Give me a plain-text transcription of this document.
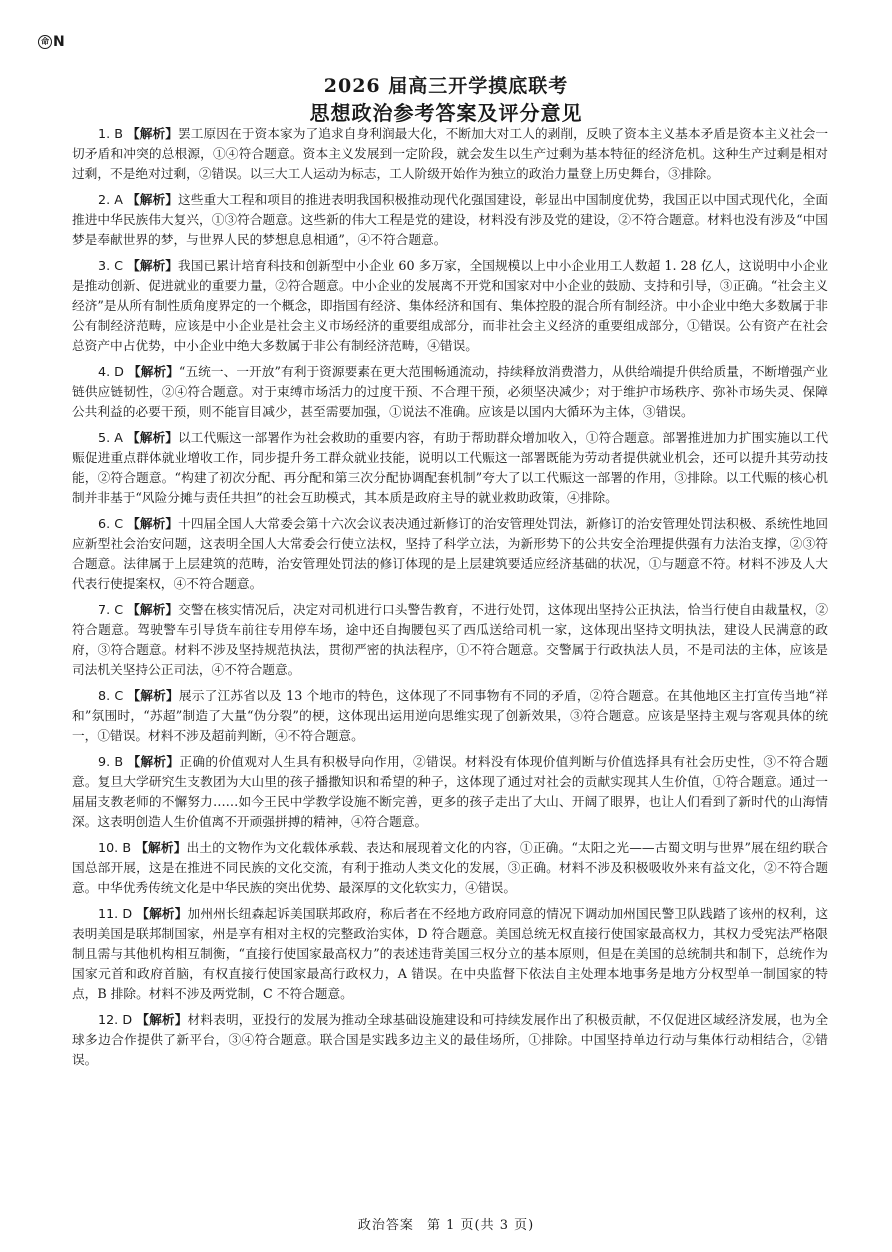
命 N
2026 届高三开学摸底联考
思想政治参考答案及评分意见

1. B 【解析】罢工原因在于资本家为了追求自身利润最大化，不断加大对工人的剥削，反映了资本主义基本矛盾是资本主义社会一切矛盾和冲突的总根源，①④符合题意。资本主义发展到一定阶段，就会发生以生产过剩为基本特征的经济危机。这种生产过剩是相对过剩，不是绝对过剩，②错误。以三大工人运动为标志，工人阶级开始作为独立的政治力量登上历史舞台，③排除。

2. A 【解析】这些重大工程和项目的推进表明我国积极推动现代化强国建设，彰显出中国制度优势，我国正以中国式现代化，全面推进中华民族伟大复兴，①③符合题意。这些新的伟大工程是党的建设，材料没有涉及党的建设，②不符合题意。材料也没有涉及“中国梦是奉献世界的梦，与世界人民的梦想息息相通”，④不符合题意。

3. C 【解析】我国已累计培育科技和创新型中小企业 60 多万家，全国规模以上中小企业用工人数超 1. 28 亿人，这说明中小企业是推动创新、促进就业的重要力量，②符合题意。中小企业的发展离不开党和国家对中小企业的鼓励、支持和引导，③正确。“社会主义经济”是从所有制性质角度界定的一个概念，即指国有经济、集体经济和国有、集体控股的混合所有制经济。中小企业中绝大多数属于非公有制经济范畴，应该是中小企业是社会主义市场经济的重要组成部分，而非社会主义经济的重要组成部分，①错误。公有资产在社会总资产中占优势，中小企业中绝大多数属于非公有制经济范畴，④错误。

4. D 【解析】“五统一、一开放”有利于资源要素在更大范围畅通流动，持续释放消费潜力，从供给端提升供给质量，不断增强产业链供应链韧性，②④符合题意。对于束缚市场活力的过度干预、不合理干预，必须坚决减少；对于维护市场秩序、弥补市场失灵、保障公共利益的必要干预，则不能盲目减少，甚至需要加强，①说法不准确。应该是以国内大循环为主体，③错误。

5. A 【解析】以工代赈这一部署作为社会救助的重要内容，有助于帮助群众增加收入，①符合题意。部署推进加力扩围实施以工代赈促进重点群体就业增收工作，同步提升务工群众就业技能，说明以工代赈这一部署既能为劳动者提供就业机会，还可以提升其劳动技能，②符合题意。“构建了初次分配、再分配和第三次分配协调配套机制”夸大了以工代赈这一部署的作用，③排除。以工代赈的核心机制并非基于“风险分摊与责任共担”的社会互助模式，其本质是政府主导的就业救助政策，④排除。

6. C 【解析】十四届全国人大常委会第十六次会议表决通过新修订的治安管理处罚法，新修订的治安管理处罚法积极、系统性地回应新型社会治安问题，这表明全国人大常委会行使立法权，坚持了科学立法，为新形势下的公共安全治理提供强有力法治支撑，②③符合题意。法律属于上层建筑的范畴，治安管理处罚法的修订体现的是上层建筑要适应经济基础的状况，①与题意不符。材料不涉及人大代表行使提案权，④不符合题意。

7. C 【解析】交警在核实情况后，决定对司机进行口头警告教育，不进行处罚，这体现出坚持公正执法，恰当行使自由裁量权，②符合题意。驾驶警车引导货车前往专用停车场，途中还自掏腰包买了西瓜送给司机一家，这体现出坚持文明执法，建设人民满意的政府，③符合题意。材料不涉及坚持规范执法，贯彻严密的执法程序，①不符合题意。交警属于行政执法人员，不是司法的主体，应该是司法机关坚持公正司法，④不符合题意。

8. C 【解析】展示了江苏省以及 13 个地市的特色，这体现了不同事物有不同的矛盾，②符合题意。在其他地区主打宣传当地“祥和”氛围时，“苏超”制造了大量“伪分裂”的梗，这体现出运用逆向思维实现了创新效果，③符合题意。应该是坚持主观与客观具体的统一，①错误。材料不涉及超前判断，④不符合题意。

9. B 【解析】正确的价值观对人生具有积极导向作用，②错误。材料没有体现价值判断与价值选择具有社会历史性，③不符合题意。复旦大学研究生支教团为大山里的孩子播撒知识和希望的种子，这体现了通过对社会的贡献实现其人生价值，①符合题意。通过一届届支教老师的不懈努力……如今王民中学教学设施不断完善，更多的孩子走出了大山、开阔了眼界，也让人们看到了新时代的山海情深。这表明创造人生价值离不开顽强拼搏的精神，④符合题意。

10. B 【解析】出土的文物作为文化载体承载、表达和展现着文化的内容，①正确。“太阳之光——古蜀文明与世界”展在纽约联合国总部开展，这是在推进不同民族的文化交流，有利于推动人类文化的发展，③正确。材料不涉及积极吸收外来有益文化，②不符合题意。中华优秀传统文化是中华民族的突出优势、最深厚的文化软实力，④错误。

11. D 【解析】加州州长纽森起诉美国联邦政府，称后者在不经地方政府同意的情况下调动加州国民警卫队践踏了该州的权利，这表明美国是联邦制国家，州是享有相对主权的完整政治实体，D 符合题意。美国总统无权直接行使国家最高权力，其权力受宪法严格限制且需与其他机构相互制衡，“直接行使国家最高权力”的表述违背美国三权分立的基本原则，但是在美国的总统制共和制下，总统作为国家元首和政府首脑，有权直接行使国家最高行政权力，A 错误。在中央监督下依法自主处理本地事务是地方分权型单一制国家的特点，B 排除。材料不涉及两党制，C 不符合题意。

12. D 【解析】材料表明，亚投行的发展为推动全球基础设施建设和可持续发展作出了积极贡献，不仅促进区域经济发展，也为全球多边合作提供了新平台，③④符合题意。联合国是实践多边主义的最佳场所，①排除。中国坚持单边行动与集体行动相结合，②错误。

政治答案 第 1 页(共 3 页)
